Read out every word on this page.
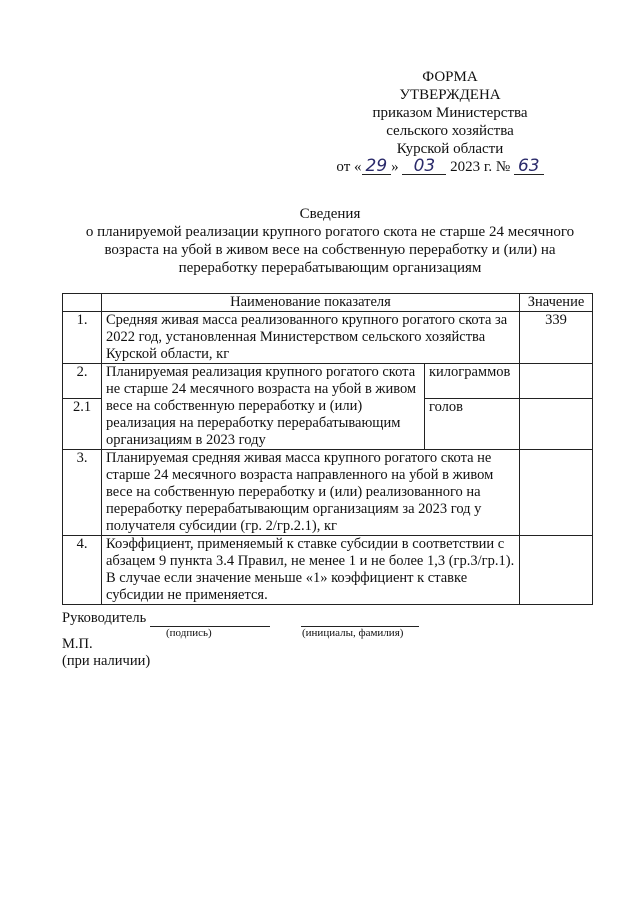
ФОРМА
УТВЕРЖДЕНА
приказом Министерства
сельского хозяйства
Курской области
от « 29 » 03 2023 г. № 63
Сведения
о планируемой реализации крупного рогатого скота не старше 24 месячного
возраста на убой в живом весе на собственную переработку и (или) на
переработку перерабатывающим организациям
	Наименование показателя		Значение
1.	Средняя живая масса реализованного крупного рогатого скота за 2022 год, установленная Министерством сельского хозяйства Курской области, кг		339
2.	Планируемая реализация крупного рогатого скота не старше 24 месячного возраста на убой в живом весе на собственную переработку и (или) реализация на переработку перерабатывающим организациям в 2023 году	килограммов	
2.1		голов	
3.	Планируемая средняя живая масса крупного рогатого скота не старше 24 месячного возраста направленного на убой в живом весе на собственную переработку и (или) реализованного на переработку перерабатывающим организациям за 2023 год у получателя субсидии (гр. 2/гр.2.1), кг		
4.	Коэффициент, применяемый к ставке субсидии в соответствии с абзацем 9 пункта 3.4 Правил, не менее 1 и не более 1,3 (гр.3/гр.1). В случае если значение меньше «1» коэффициент к ставке субсидии не применяется.		
Руководитель
(подпись)	(инициалы, фамилия)
М.П.
(при наличии)
